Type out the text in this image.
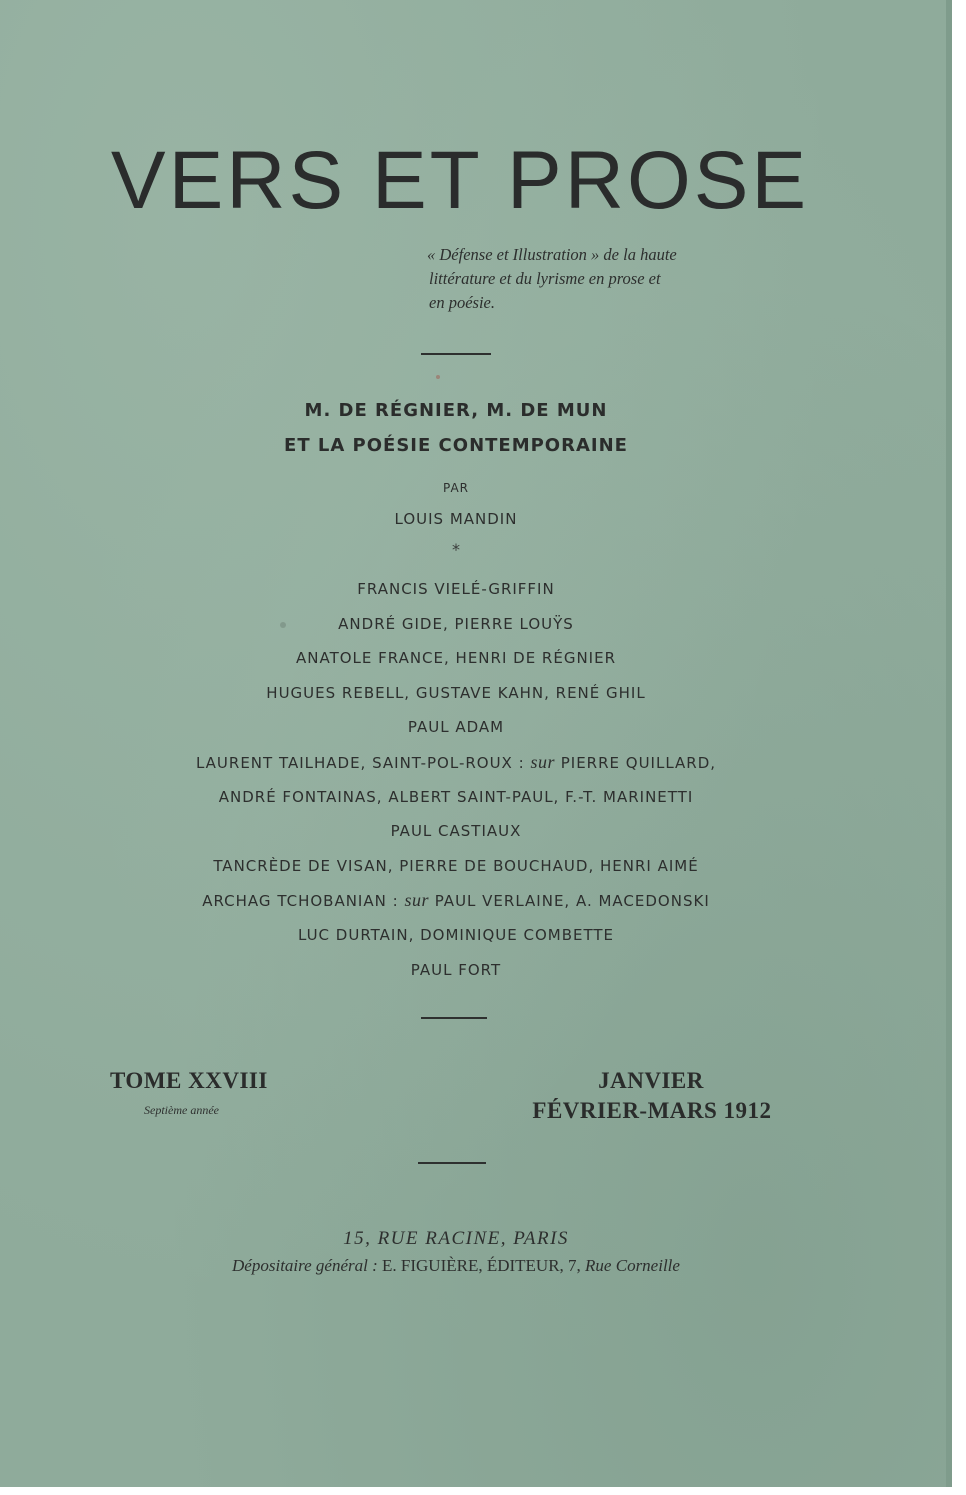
VERS ET PROSE
« Défense et Illustration » de la haute
littérature et du lyrisme en prose et
en poésie.
M. DE RÉGNIER, M. DE MUN
ET LA POÉSIE CONTEMPORAINE
PAR
LOUIS MANDIN
*
FRANCIS VIELÉ-GRIFFIN
ANDRÉ GIDE, PIERRE LOUŸS
ANATOLE FRANCE, HENRI DE RÉGNIER
HUGUES REBELL, GUSTAVE KAHN, RENÉ GHIL
PAUL ADAM
LAURENT TAILHADE, SAINT-POL-ROUX : sur PIERRE QUILLARD,
ANDRÉ FONTAINAS, ALBERT SAINT-PAUL, F.-T. MARINETTI
PAUL CASTIAUX
TANCRÈDE DE VISAN, PIERRE DE BOUCHAUD, HENRI AIMÉ
ARCHAG TCHOBANIAN : sur PAUL VERLAINE, A. MACEDONSKI
LUC DURTAIN, DOMINIQUE COMBETTE
PAUL FORT
TOME XXVIII
Septième année
JANVIER
FÉVRIER-MARS 1912
15, RUE RACINE, PARIS
Dépositaire général : E. FIGUIÈRE, ÉDITEUR, 7, Rue Corneille
